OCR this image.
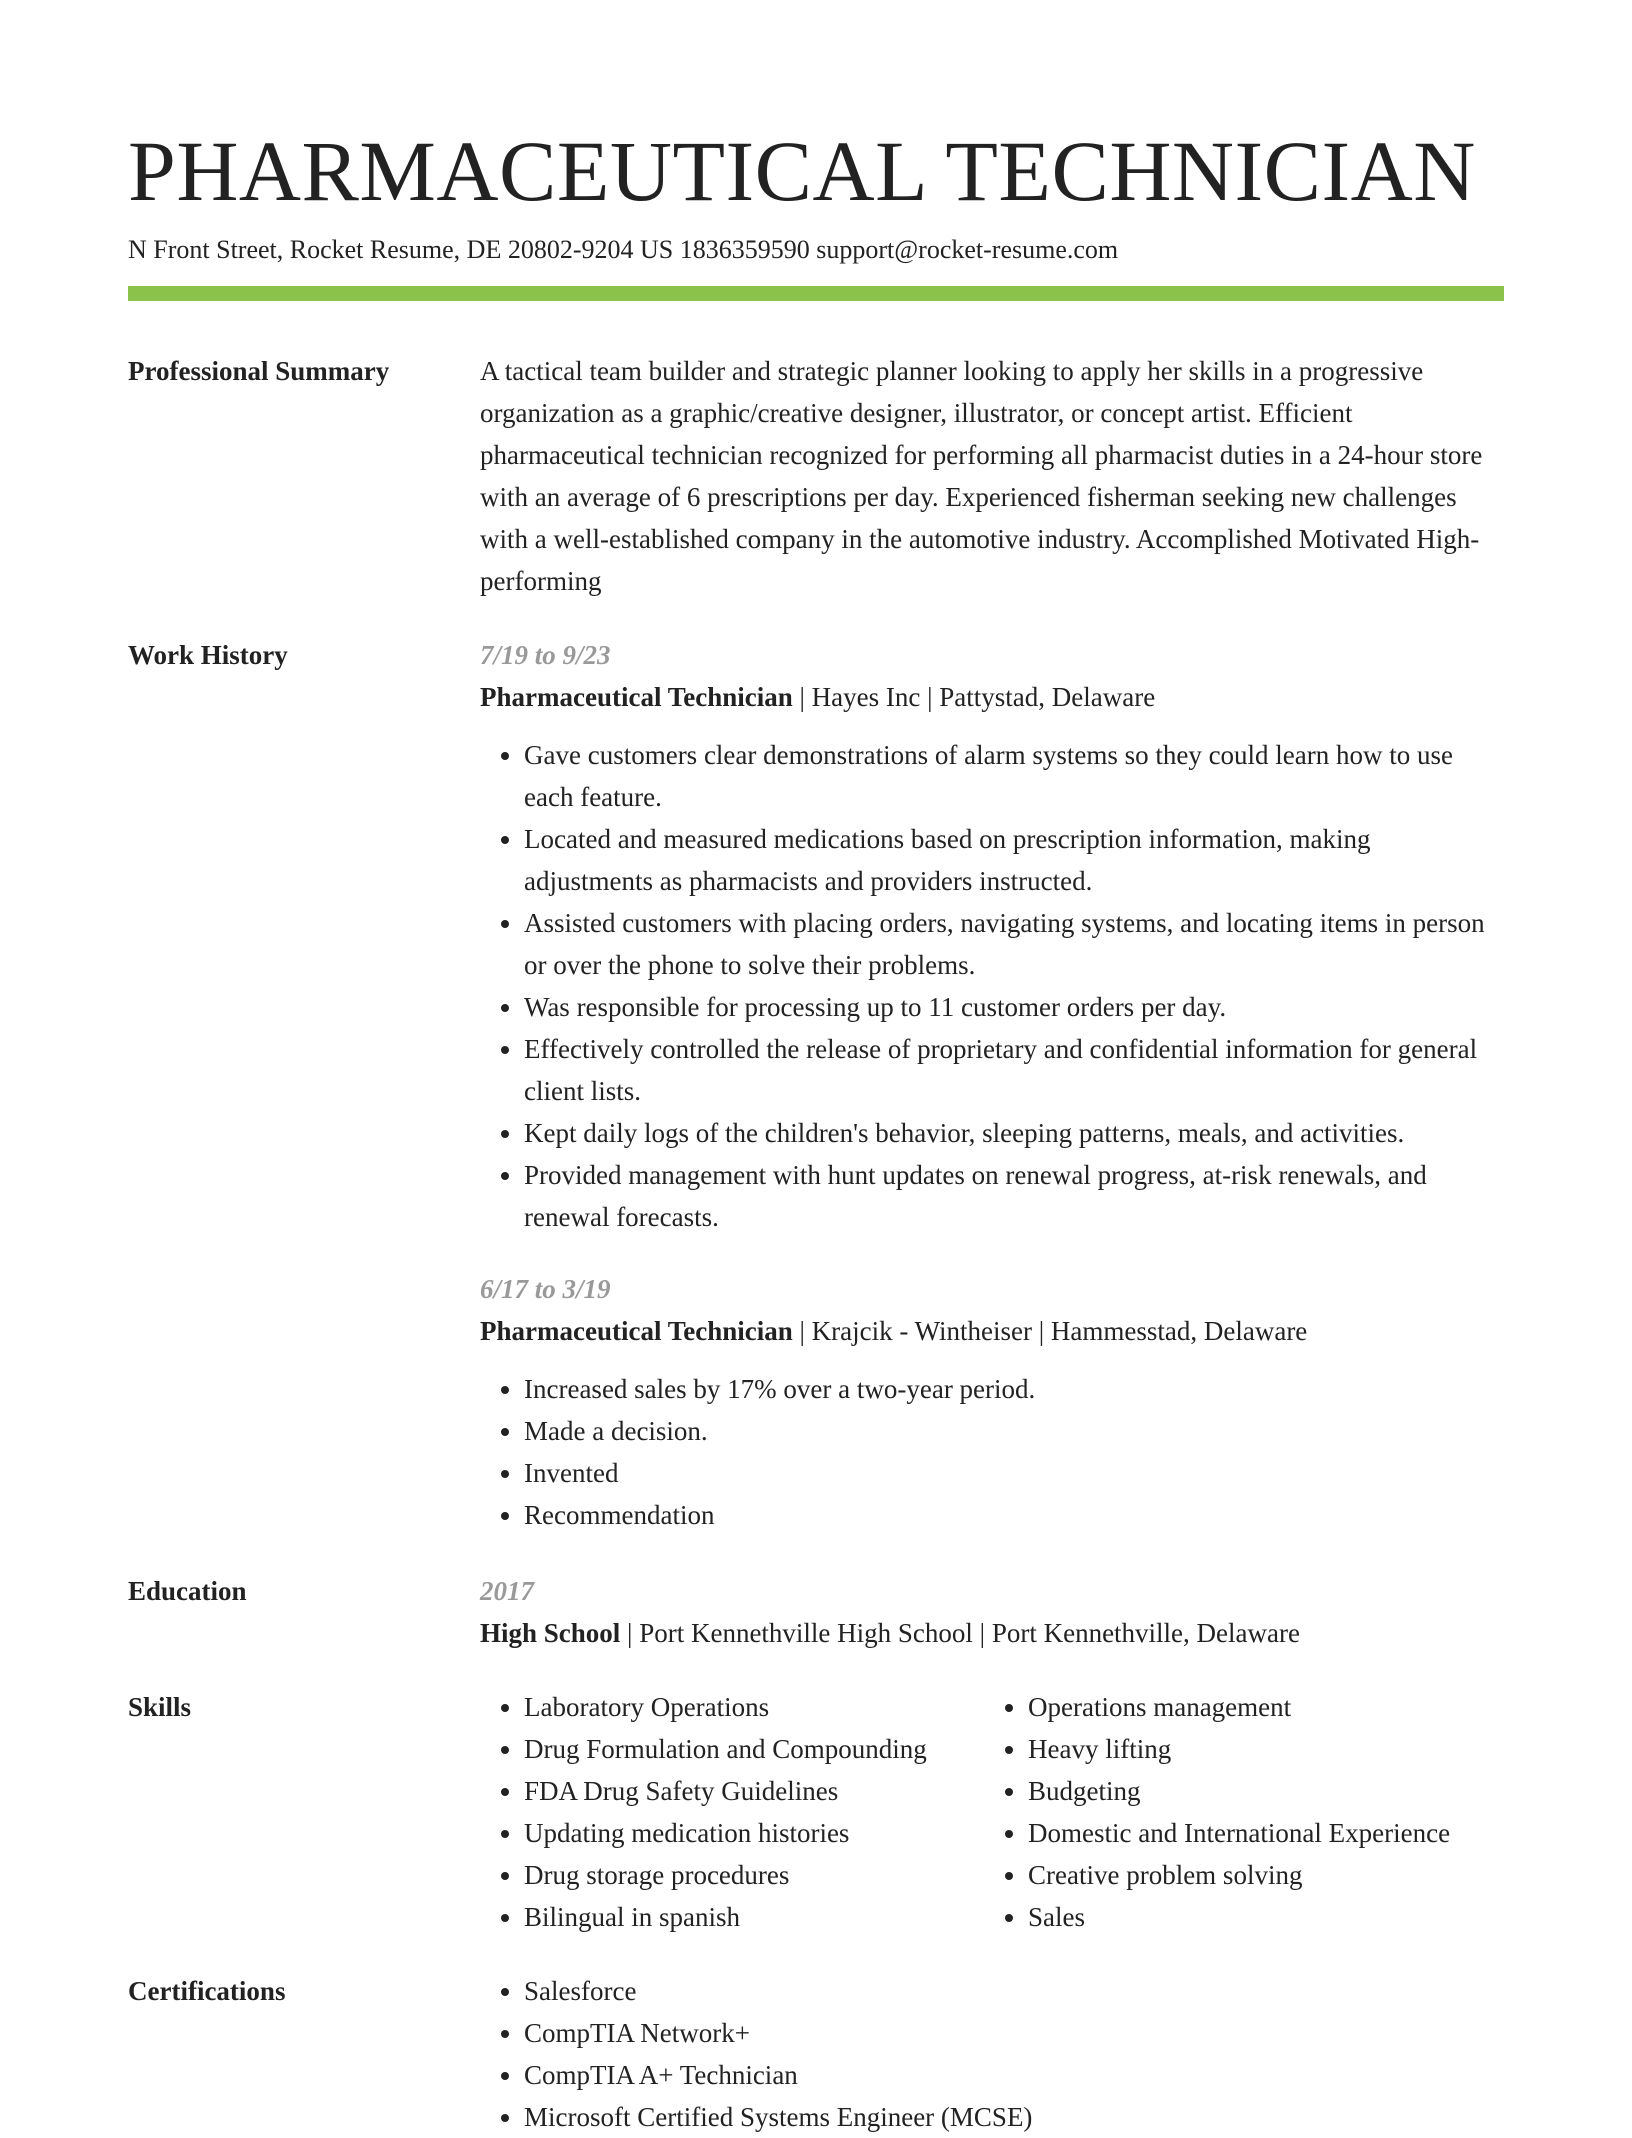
PHARMACEUTICAL TECHNICIAN
N Front Street, Rocket Resume, DE 20802-9204 US 1836359590 support@rocket-resume.com
Professional Summary	A tactical team builder and strategic planner looking to apply her skills in a progressive organization as a graphic/creative designer, illustrator, or concept artist. Efficient pharmaceutical technician recognized for performing all pharmacist duties in a 24-hour store with an average of 6 prescriptions per day. Experienced fisherman seeking new challenges with a well-established company in the automotive industry. Accomplished Motivated High-performing

Work History	7/19 to 9/23
Pharmaceutical Technician | Hayes Inc | Pattystad, Delaware
• Gave customers clear demonstrations of alarm systems so they could learn how to use each feature.
• Located and measured medications based on prescription information, making adjustments as pharmacists and providers instructed.
• Assisted customers with placing orders, navigating systems, and locating items in person or over the phone to solve their problems.
• Was responsible for processing up to 11 customer orders per day.
• Effectively controlled the release of proprietary and confidential information for general client lists.
• Kept daily logs of the children's behavior, sleeping patterns, meals, and activities.
• Provided management with hunt updates on renewal progress, at-risk renewals, and renewal forecasts.
6/17 to 3/19
Pharmaceutical Technician | Krajcik - Wintheiser | Hammesstad, Delaware
• Increased sales by 17% over a two-year period.
• Made a decision.
• Invented
• Recommendation
Education	2017
High School | Port Kennethville High School | Port Kennethville, Delaware
Skills	• Laboratory Operations
• Drug Formulation and Compounding
• FDA Drug Safety Guidelines
• Updating medication histories
• Drug storage procedures
• Bilingual in spanish
• Operations management
• Heavy lifting
• Budgeting
• Domestic and International Experience
• Creative problem solving
• Sales
Certifications	• Salesforce
• CompTIA Network+
• CompTIA A+ Technician
• Microsoft Certified Systems Engineer (MCSE)
